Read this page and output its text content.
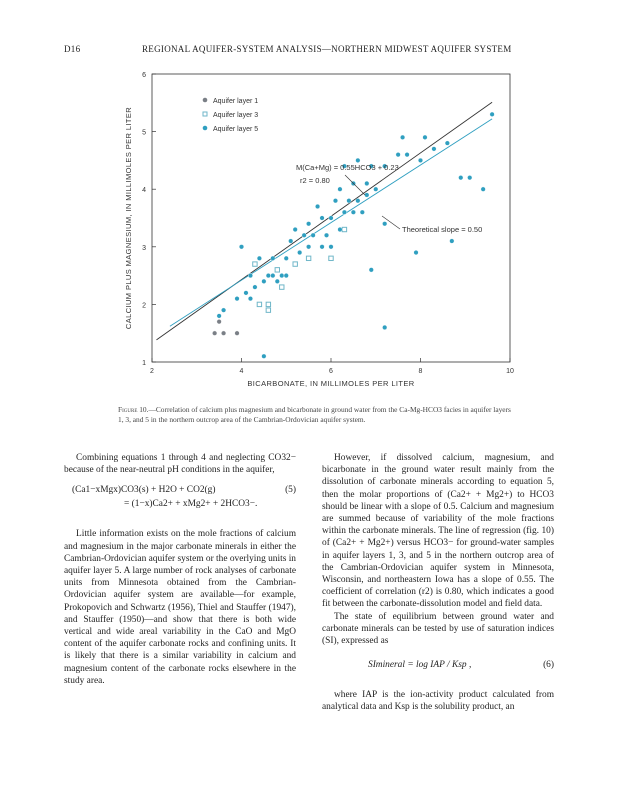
D16	REGIONAL AQUIFER-SYSTEM ANALYSIS—NORTHERN MIDWEST AQUIFER SYSTEM
2	4	6	8	10
1
2
3
4
5
6
BICARBONATE, IN MILLIMOLES PER LITER
CALCIUM PLUS MAGNESIUM, IN MILLIMOLES PER LITER
Aquifer layer 1
Aquifer layer 3
Aquifer layer 5
M(Ca+Mg) = 0.55HCO3 + 0.23
r2 = 0.80
Theoretical slope = 0.50
Figure 10.—Correlation of calcium plus magnesium and bicarbonate in ground water from the Ca-Mg-HCO3 facies in aquifer layers 1, 3, and 5 in the northern outcrop area of the Cambrian-Ordovician aquifer system.

Combining equations 1 through 4 and neglecting CO32− because of the near-neutral pH conditions in the aquifer,

(Ca1−xMgx)CO3(s) + H2O + CO2(g)	(5)
= (1−x)Ca2+ + xMg2+ + 2HCO3−.

Little information exists on the mole fractions of calcium and magnesium in the major carbonate minerals in either the Cambrian-Ordovician aquifer system or the overlying units in aquifer layer 5. A large number of rock analyses of carbonate units from Minnesota obtained from the Cambrian-Ordovician aquifer system are available—for example, Prokopovich and Schwartz (1956), Thiel and Stauffer (1947), and Stauffer (1950)—and show that there is both wide vertical and wide areal variability in the CaO and MgO content of the aquifer carbonate rocks and confining units. It is likely that there is a similar variability in calcium and magnesium content of the carbonate rocks elsewhere in the study area.

However, if dissolved calcium, magnesium, and bicarbonate in the ground water result mainly from the dissolution of carbonate minerals according to equation 5, then the molar proportions of (Ca2+ + Mg2+) to HCO3 should be linear with a slope of 0.5. Calcium and magnesium are summed because of variability of the mole fractions within the carbonate minerals. The line of regression (fig. 10) of (Ca2+ + Mg2+) versus HCO3− for ground-water samples in aquifer layers 1, 3, and 5 in the northern outcrop area of the Cambrian-Ordovician aquifer system in Minnesota, Wisconsin, and northeastern Iowa has a slope of 0.55. The coefficient of correlation (r2) is 0.80, which indicates a good fit between the carbonate-dissolution model and field data.

The state of equilibrium between ground water and carbonate minerals can be tested by use of saturation indices (SI), expressed as

SImineral = log IAP / Ksp ,	(6)

where IAP is the ion-activity product calculated from analytical data and Ksp is the solubility product, an
